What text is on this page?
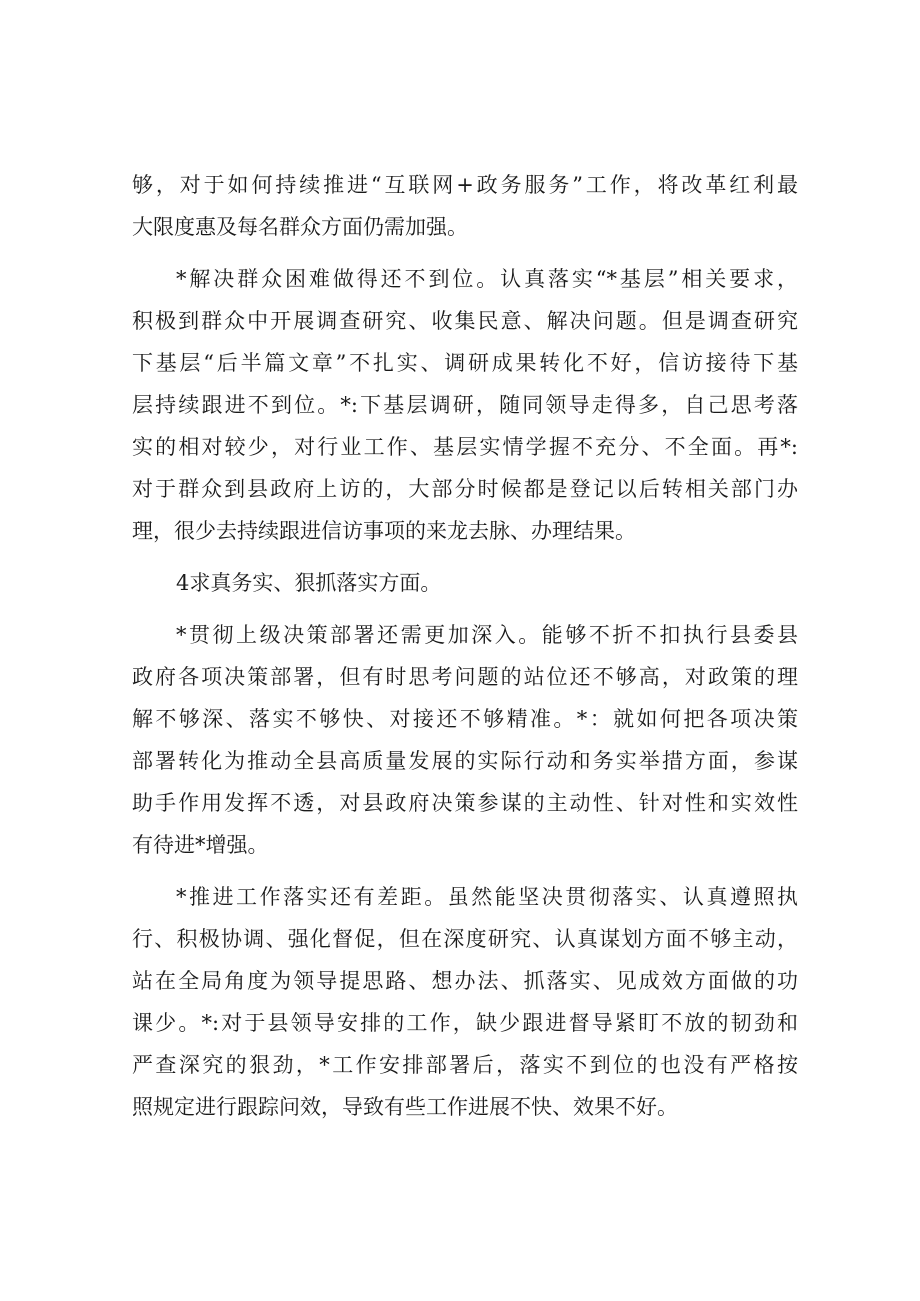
够，对于如何持续推进“互联网+政务服务”工作，将改革红利最
大限度惠及每名群众方面仍需加强。
*解决群众困难做得还不到位。认真落实“*基层”相关要求，
积极到群众中开展调查研究、收集民意、解决问题。但是调查研究
下基层“后半篇文章”不扎实、调研成果转化不好，信访接待下基
层持续跟进不到位。*:下基层调研，随同领导走得多，自己思考落
实的相对较少，对行业工作、基层实情学握不充分、不全面。再*:
对于群众到县政府上访的，大部分时候都是登记以后转相关部门办
理，很少去持续跟进信访事项的来龙去脉、办理结果。
4求真务实、狠抓落实方面。
*贯彻上级决策部署还需更加深入。能够不折不扣执行县委县
政府各项决策部署，但有时思考问题的站位还不够高，对政策的理
解不够深、落实不够快、对接还不够精准。*：就如何把各项决策
部署转化为推动全县高质量发展的实际行动和务实举措方面，参谋
助手作用发挥不透，对县政府决策参谋的主动性、针对性和实效性
有待进*增强。
*推进工作落实还有差距。虽然能坚决贯彻落实、认真遵照执
行、积极协调、强化督促，但在深度研究、认真谋划方面不够主动，
站在全局角度为领导提思路、想办法、抓落实、见成效方面做的功
课少。*:对于县领导安排的工作，缺少跟进督导紧盯不放的韧劲和
严查深究的狠劲，*工作安排部署后，落实不到位的也没有严格按
照规定进行跟踪问效，导致有些工作进展不快、效果不好。
